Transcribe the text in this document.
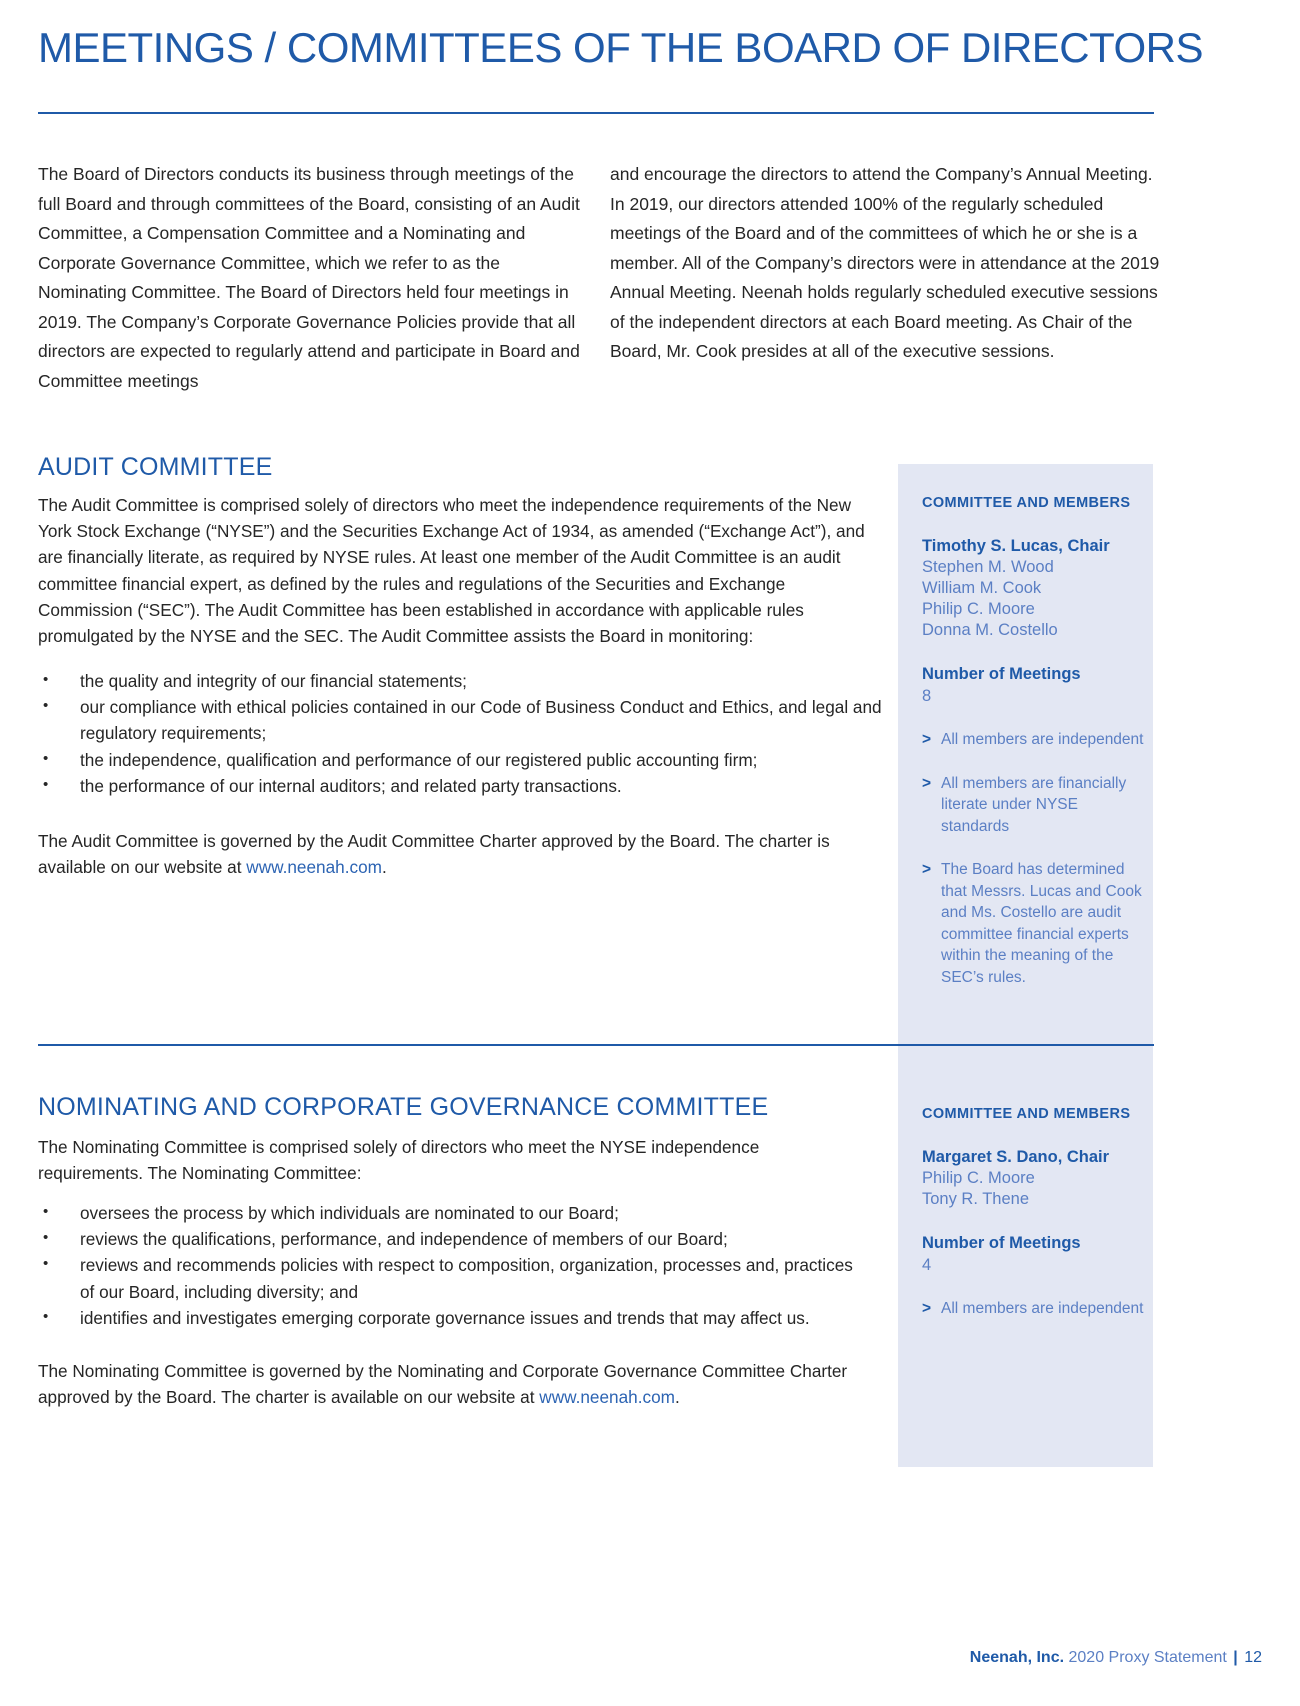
MEETINGS / COMMITTEES OF THE BOARD OF DIRECTORS

The Board of Directors conducts its business through meetings of the full Board and through committees of the Board, consisting of an Audit Committee, a Compensation Committee and a Nominating and Corporate Governance Committee, which we refer to as the Nominating Committee. The Board of Directors held four meetings in 2019. The Company’s Corporate Governance Policies provide that all directors are expected to regularly attend and participate in Board and Committee meetings

and encourage the directors to attend the Company’s Annual Meeting. In 2019, our directors attended 100% of the regularly scheduled meetings of the Board and of the committees of which he or she is a member. All of the Company’s directors were in attendance at the 2019 Annual Meeting. Neenah holds regularly scheduled executive sessions of the independent directors at each Board meeting. As Chair of the Board, Mr. Cook presides at all of the executive sessions.

AUDIT COMMITTEE

The Audit Committee is comprised solely of directors who meet the independence requirements of the New York Stock Exchange (“NYSE”) and the Securities Exchange Act of 1934, as amended (“Exchange Act”), and are financially literate, as required by NYSE rules. At least one member of the Audit Committee is an audit committee financial expert, as defined by the rules and regulations of the Securities and Exchange Commission (“SEC”). The Audit Committee has been established in accordance with applicable rules promulgated by the NYSE and the SEC. The Audit Committee assists the Board in monitoring:

• the quality and integrity of our financial statements;
• our compliance with ethical policies contained in our Code of Business Conduct and Ethics, and legal and regulatory requirements;
• the independence, qualification and performance of our registered public accounting firm;
• the performance of our internal auditors; and related party transactions.

The Audit Committee is governed by the Audit Committee Charter approved by the Board. The charter is available on our website at www.neenah.com.

COMMITTEE AND MEMBERS
Timothy S. Lucas, Chair
Stephen M. Wood
William M. Cook
Philip C. Moore
Donna M. Costello
Number of Meetings
8
> All members are independent
> All members are financially literate under NYSE standards
> The Board has determined that Messrs. Lucas and Cook and Ms. Costello are audit committee financial experts within the meaning of the SEC’s rules.
NOMINATING AND CORPORATE GOVERNANCE COMMITTEE

The Nominating Committee is comprised solely of directors who meet the NYSE independence requirements. The Nominating Committee:

• oversees the process by which individuals are nominated to our Board;
• reviews the qualifications, performance, and independence of members of our Board;
• reviews and recommends policies with respect to composition, organization, processes and, practices of our Board, including diversity; and
• identifies and investigates emerging corporate governance issues and trends that may affect us.

The Nominating Committee is governed by the Nominating and Corporate Governance Committee Charter approved by the Board. The charter is available on our website at www.neenah.com.

COMMITTEE AND MEMBERS
Margaret S. Dano, Chair
Philip C. Moore
Tony R. Thene
Number of Meetings
4
> All members are independent
Neenah, Inc. 2020 Proxy Statement | 12
